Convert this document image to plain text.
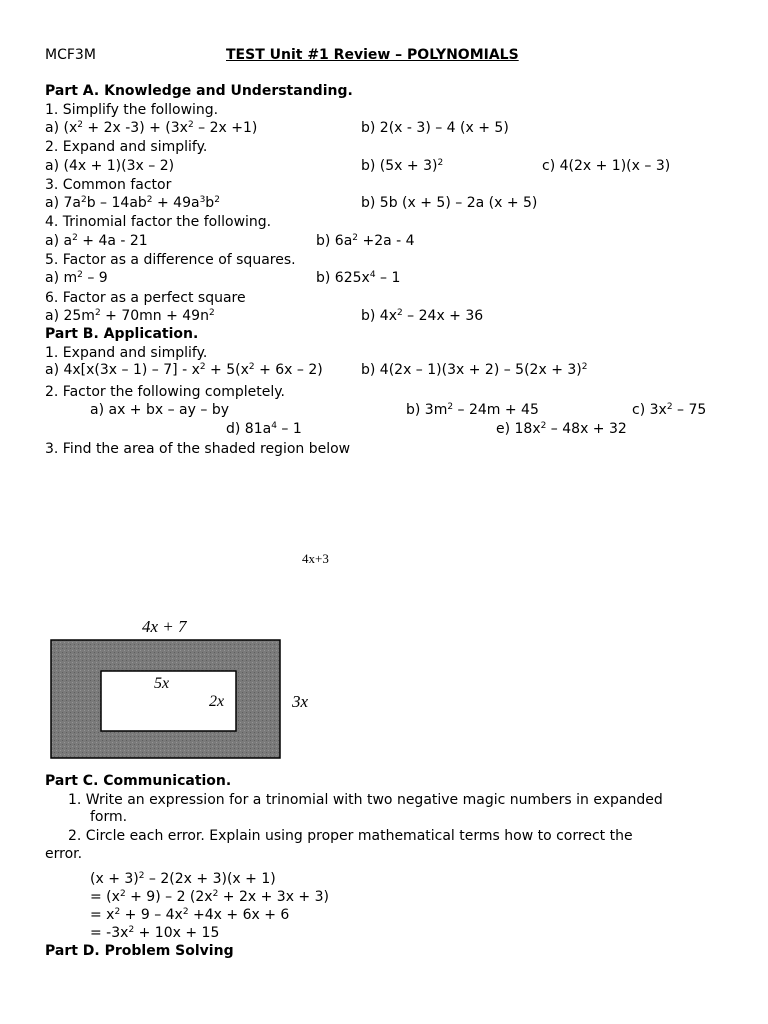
MCF3M	TEST Unit #1 Review – POLYNOMIALS
Part A. Knowledge and Understanding.
1. Simplify the following.
a) ($x^2 + 2x$ $-3) + (3x^2 - 2x +1)$	b) 2(x - 3) – 4 (x + 5)
2. Expand and simplify.
a) (4x + 1)(3x – 2)	b) $(5x + 3)^2$	c) 4(2x + 1)(x – 3)
3. Common factor
a) $7a^2b - 14ab^2 + 49a^3b^2$	b) 5b (x + 5) – 2a (x + 5)
4. Trinomial factor the following.
a) $a^2 + 4a - 21$	b) $6a^2 +2a - 4$
5. Factor as a difference of squares.
a) $m^2 - 9$	b) $625x^4 - 1$
6. Factor as a perfect square
a) $25m^2 + 70mn + 49n^2$	b) $4x^2 - 24x + 36$
Part B. Application.
1. Expand and simplify.
a) $4x[x(3x - 1) - 7] - x^2 + 5(x^2 + 6x - 2)$	b) $4(2x - 1)(3x + 2) - 5(2x + 3)^2$
2. Factor the following completely.
a) ax + bx – ay – by	b) $3m^2 - 24m + 45$	c) $3x^2 - 75$
d) $81a^4 - 1$	e) $18x^2 - 48x + 32$
3. Find the area of the shaded region below
4x+3
4x + 7
5x
2x	3x
Part C. Communication.
1. Write an expression for a trinomial with two negative magic numbers in expanded
form.
2. Circle each error. Explain using proper mathematical terms how to correct the
error.
$(x + 3)^2 - 2(2x + 3)(x + 1)$
= $(x^2 + 9) - 2$ $(2x^2 + 2x + 3x + 3)$
= $x^2 + 9 - 4x^2 +4x + 6x + 6$
= $-3x^2 + 10x + 15$
Part D. Problem Solving
